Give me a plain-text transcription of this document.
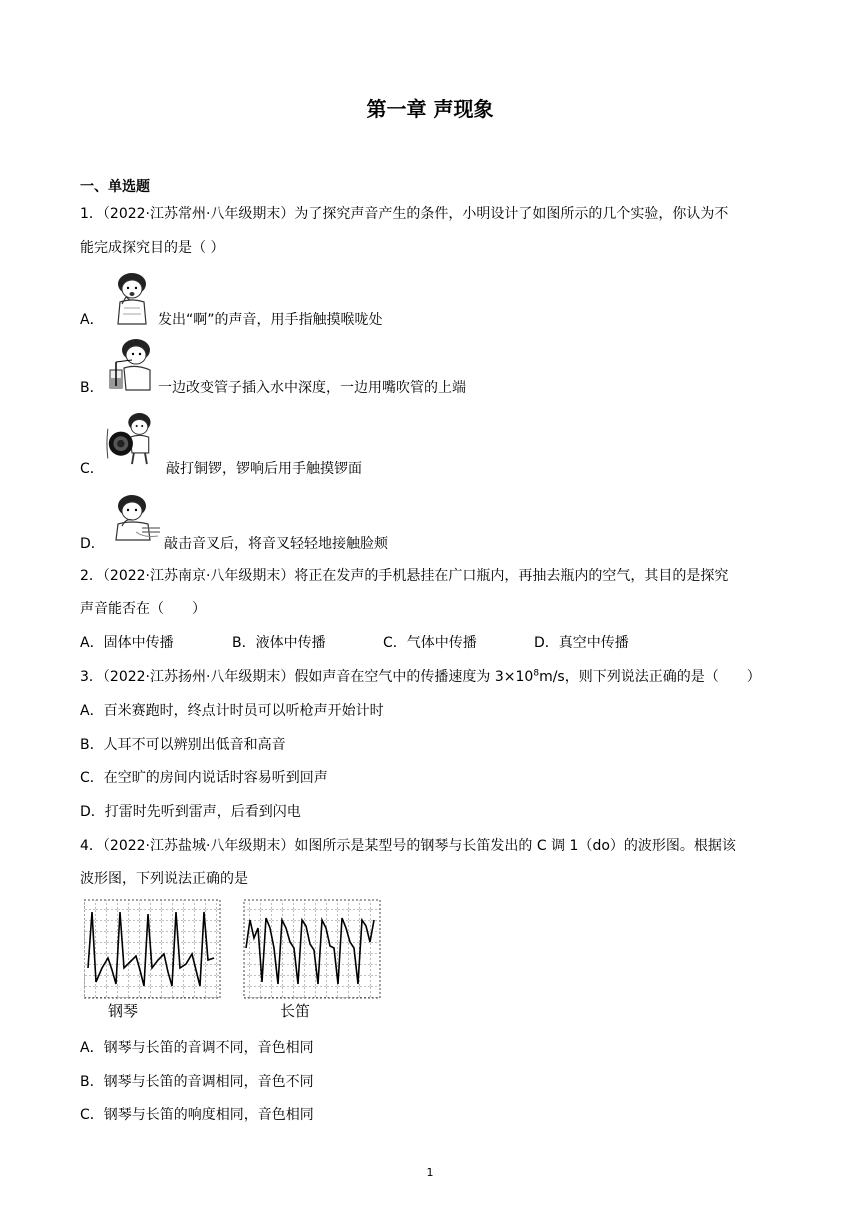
第一章 声现象
一、单选题
1．（2022·江苏常州·八年级期末）为了探究声音产生的条件，小明设计了如图所示的几个实验，你认为不
能完成探究目的是（ ）
A．	发出“啊”的声音，用手指触摸喉咙处
B．	一边改变管子插入水中深度，一边用嘴吹管的上端
C．	敲打铜锣，锣响后用手触摸锣面
D．	敲击音叉后，将音叉轻轻地接触脸颊
2．（2022·江苏南京·八年级期末）将正在发声的手机悬挂在广口瓶内，再抽去瓶内的空气，其目的是探究
声音能否在（　　）
A．固体中传播	B．液体中传播	C．气体中传播	D．真空中传播
3．（2022·江苏扬州·八年级期末）假如声音在空气中的传播速度为 $3\times 10^8m/s$，则下列说法正确的是（　　）
A．百米赛跑时，终点计时员可以听枪声开始计时
B．人耳不可以辨别出低音和高音
C．在空旷的房间内说话时容易听到回声
D．打雷时先听到雷声，后看到闪电
4．（2022·江苏盐城·八年级期末）如图所示是某型号的钢琴与长笛发出的 C 调 1（do）的波形图。根据该
波形图，下列说法正确的是
钢琴	长笛
A．钢琴与长笛的音调不同，音色相同
B．钢琴与长笛的音调相同，音色不同
C．钢琴与长笛的响度相同，音色相同
1
